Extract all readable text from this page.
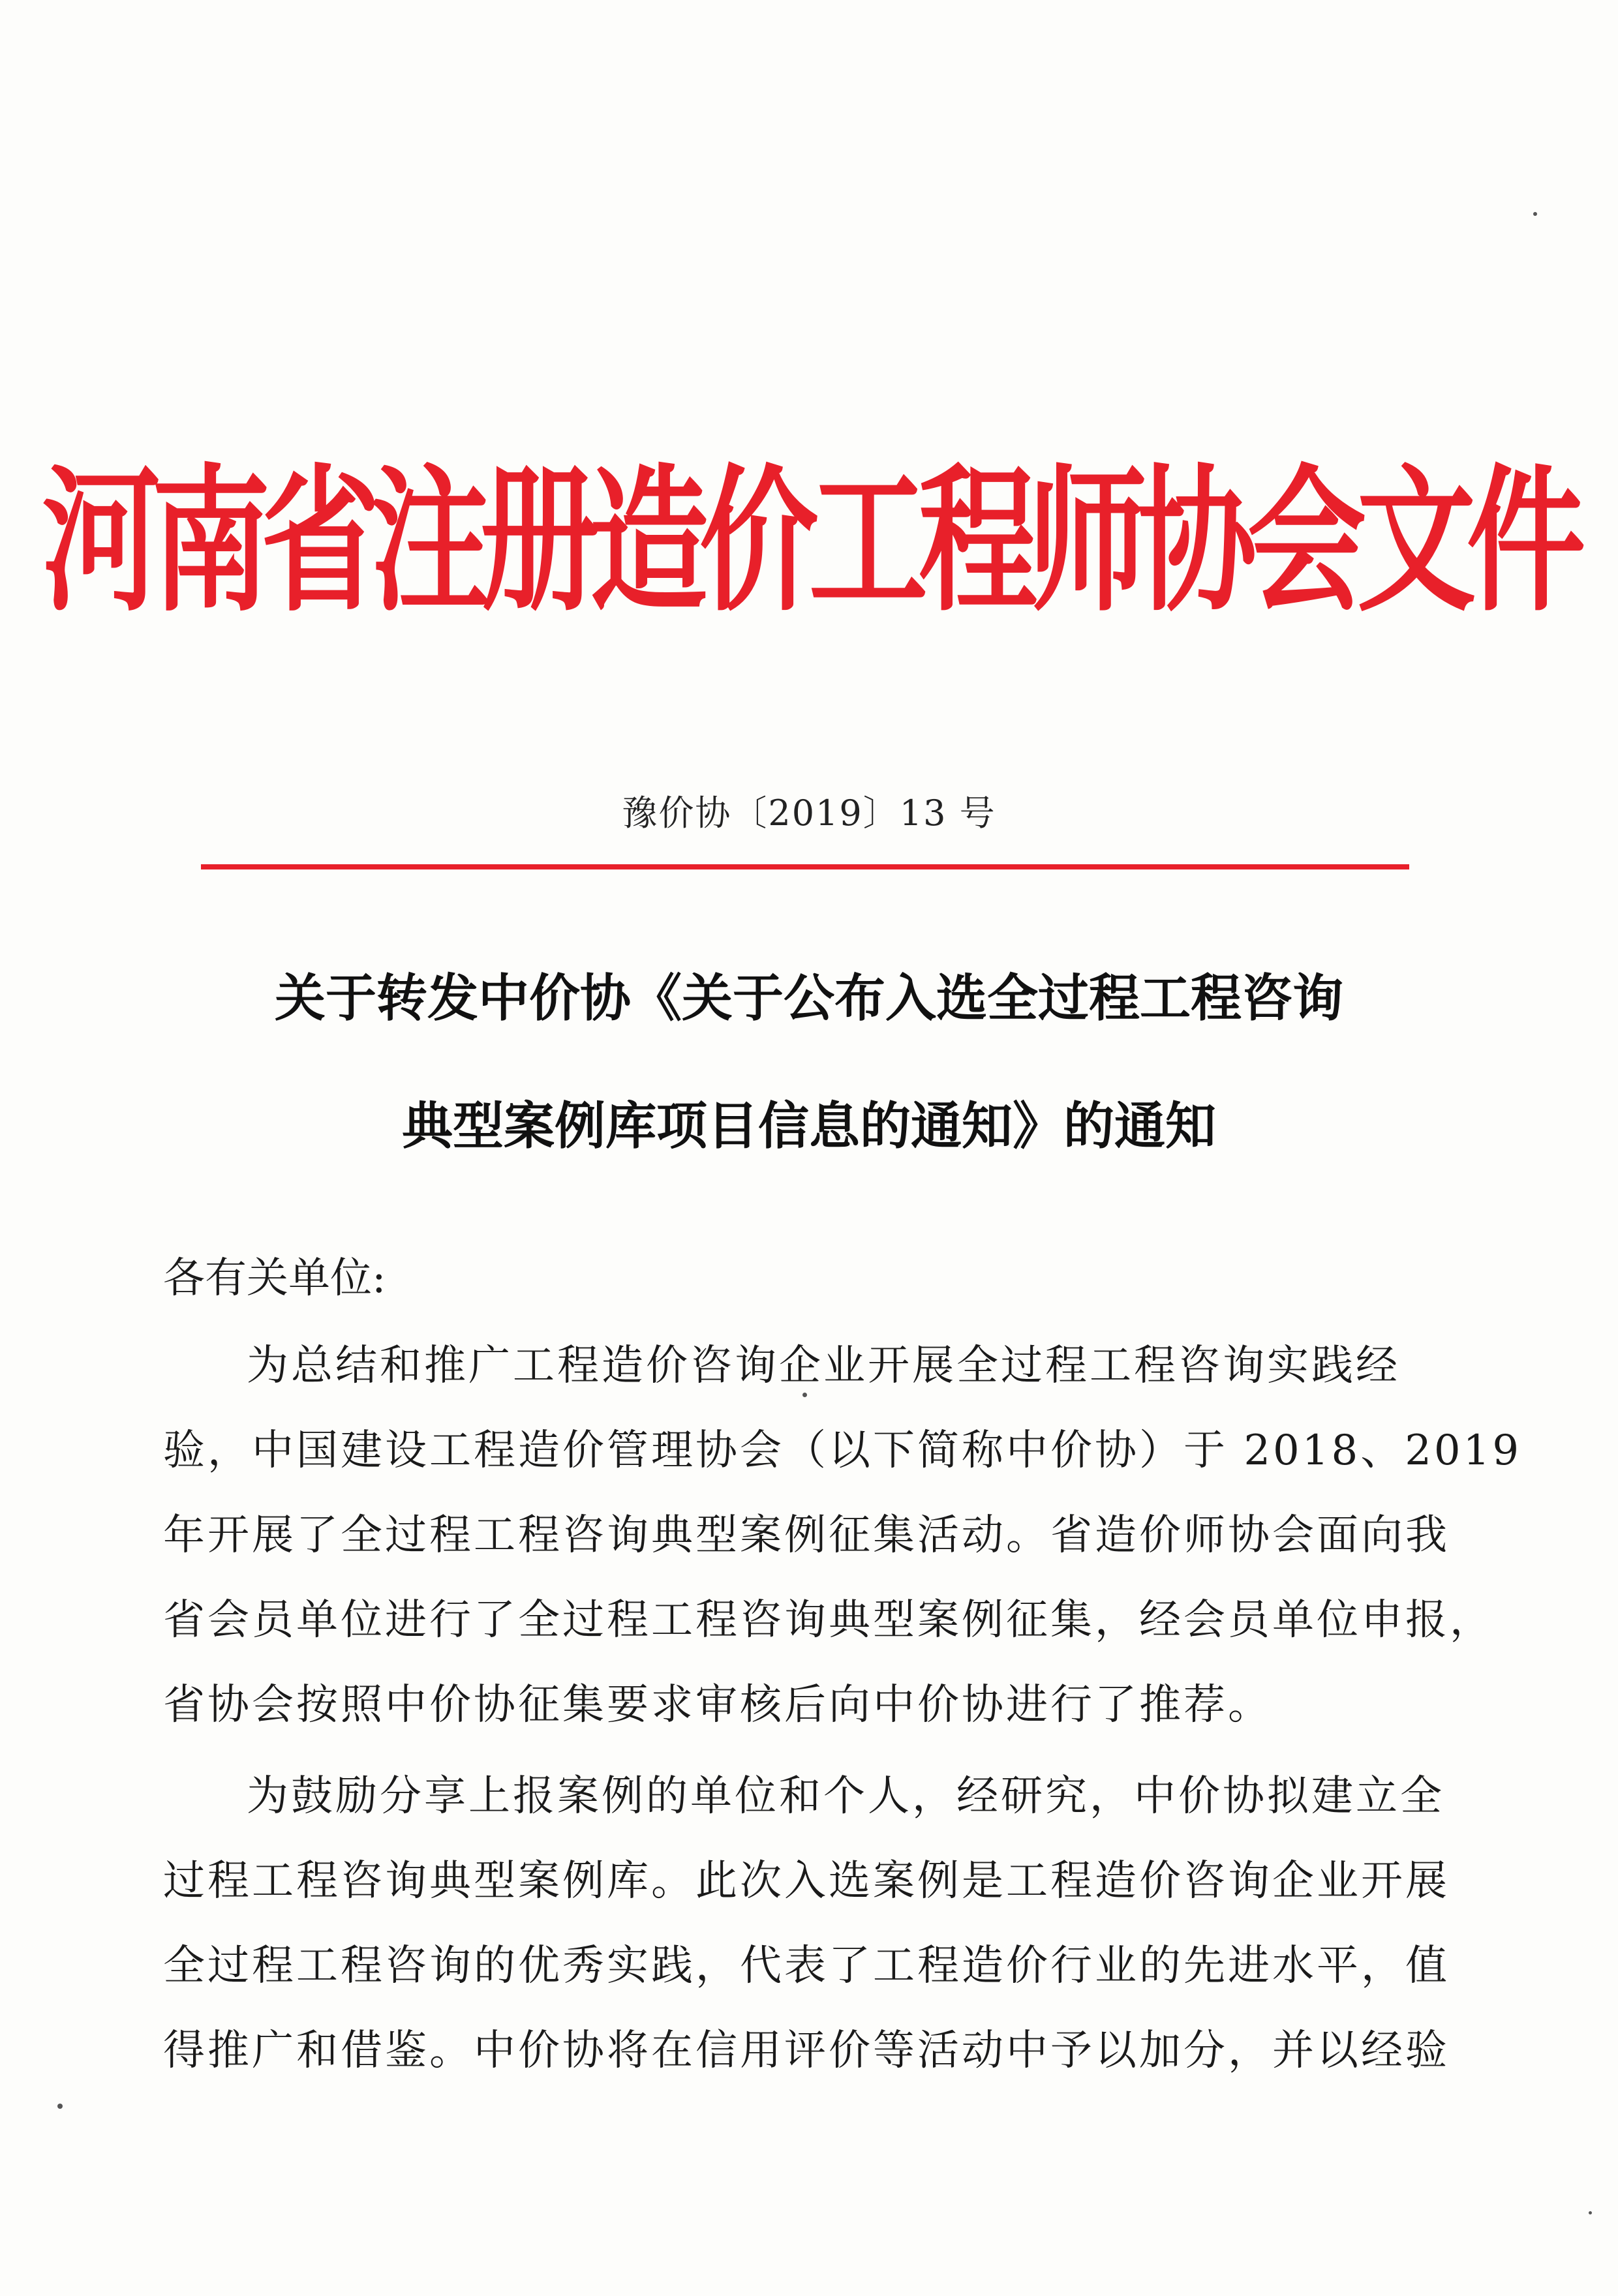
河南省注册造价工程师协会文件
豫价协〔2019〕13 号
关于转发中价协《关于公布入选全过程工程咨询
典型案例库项目信息的通知》的通知
各有关单位:
为总结和推广工程造价咨询企业开展全过程工程咨询实践经
验，中国建设工程造价管理协会（以下简称中价协）于 2018、2019
年开展了全过程工程咨询典型案例征集活动。省造价师协会面向我
省会员单位进行了全过程工程咨询典型案例征集，经会员单位申报，
省协会按照中价协征集要求审核后向中价协进行了推荐。
为鼓励分享上报案例的单位和个人，经研究，中价协拟建立全
过程工程咨询典型案例库。此次入选案例是工程造价咨询企业开展
全过程工程咨询的优秀实践，代表了工程造价行业的先进水平，值
得推广和借鉴。中价协将在信用评价等活动中予以加分，并以经验
